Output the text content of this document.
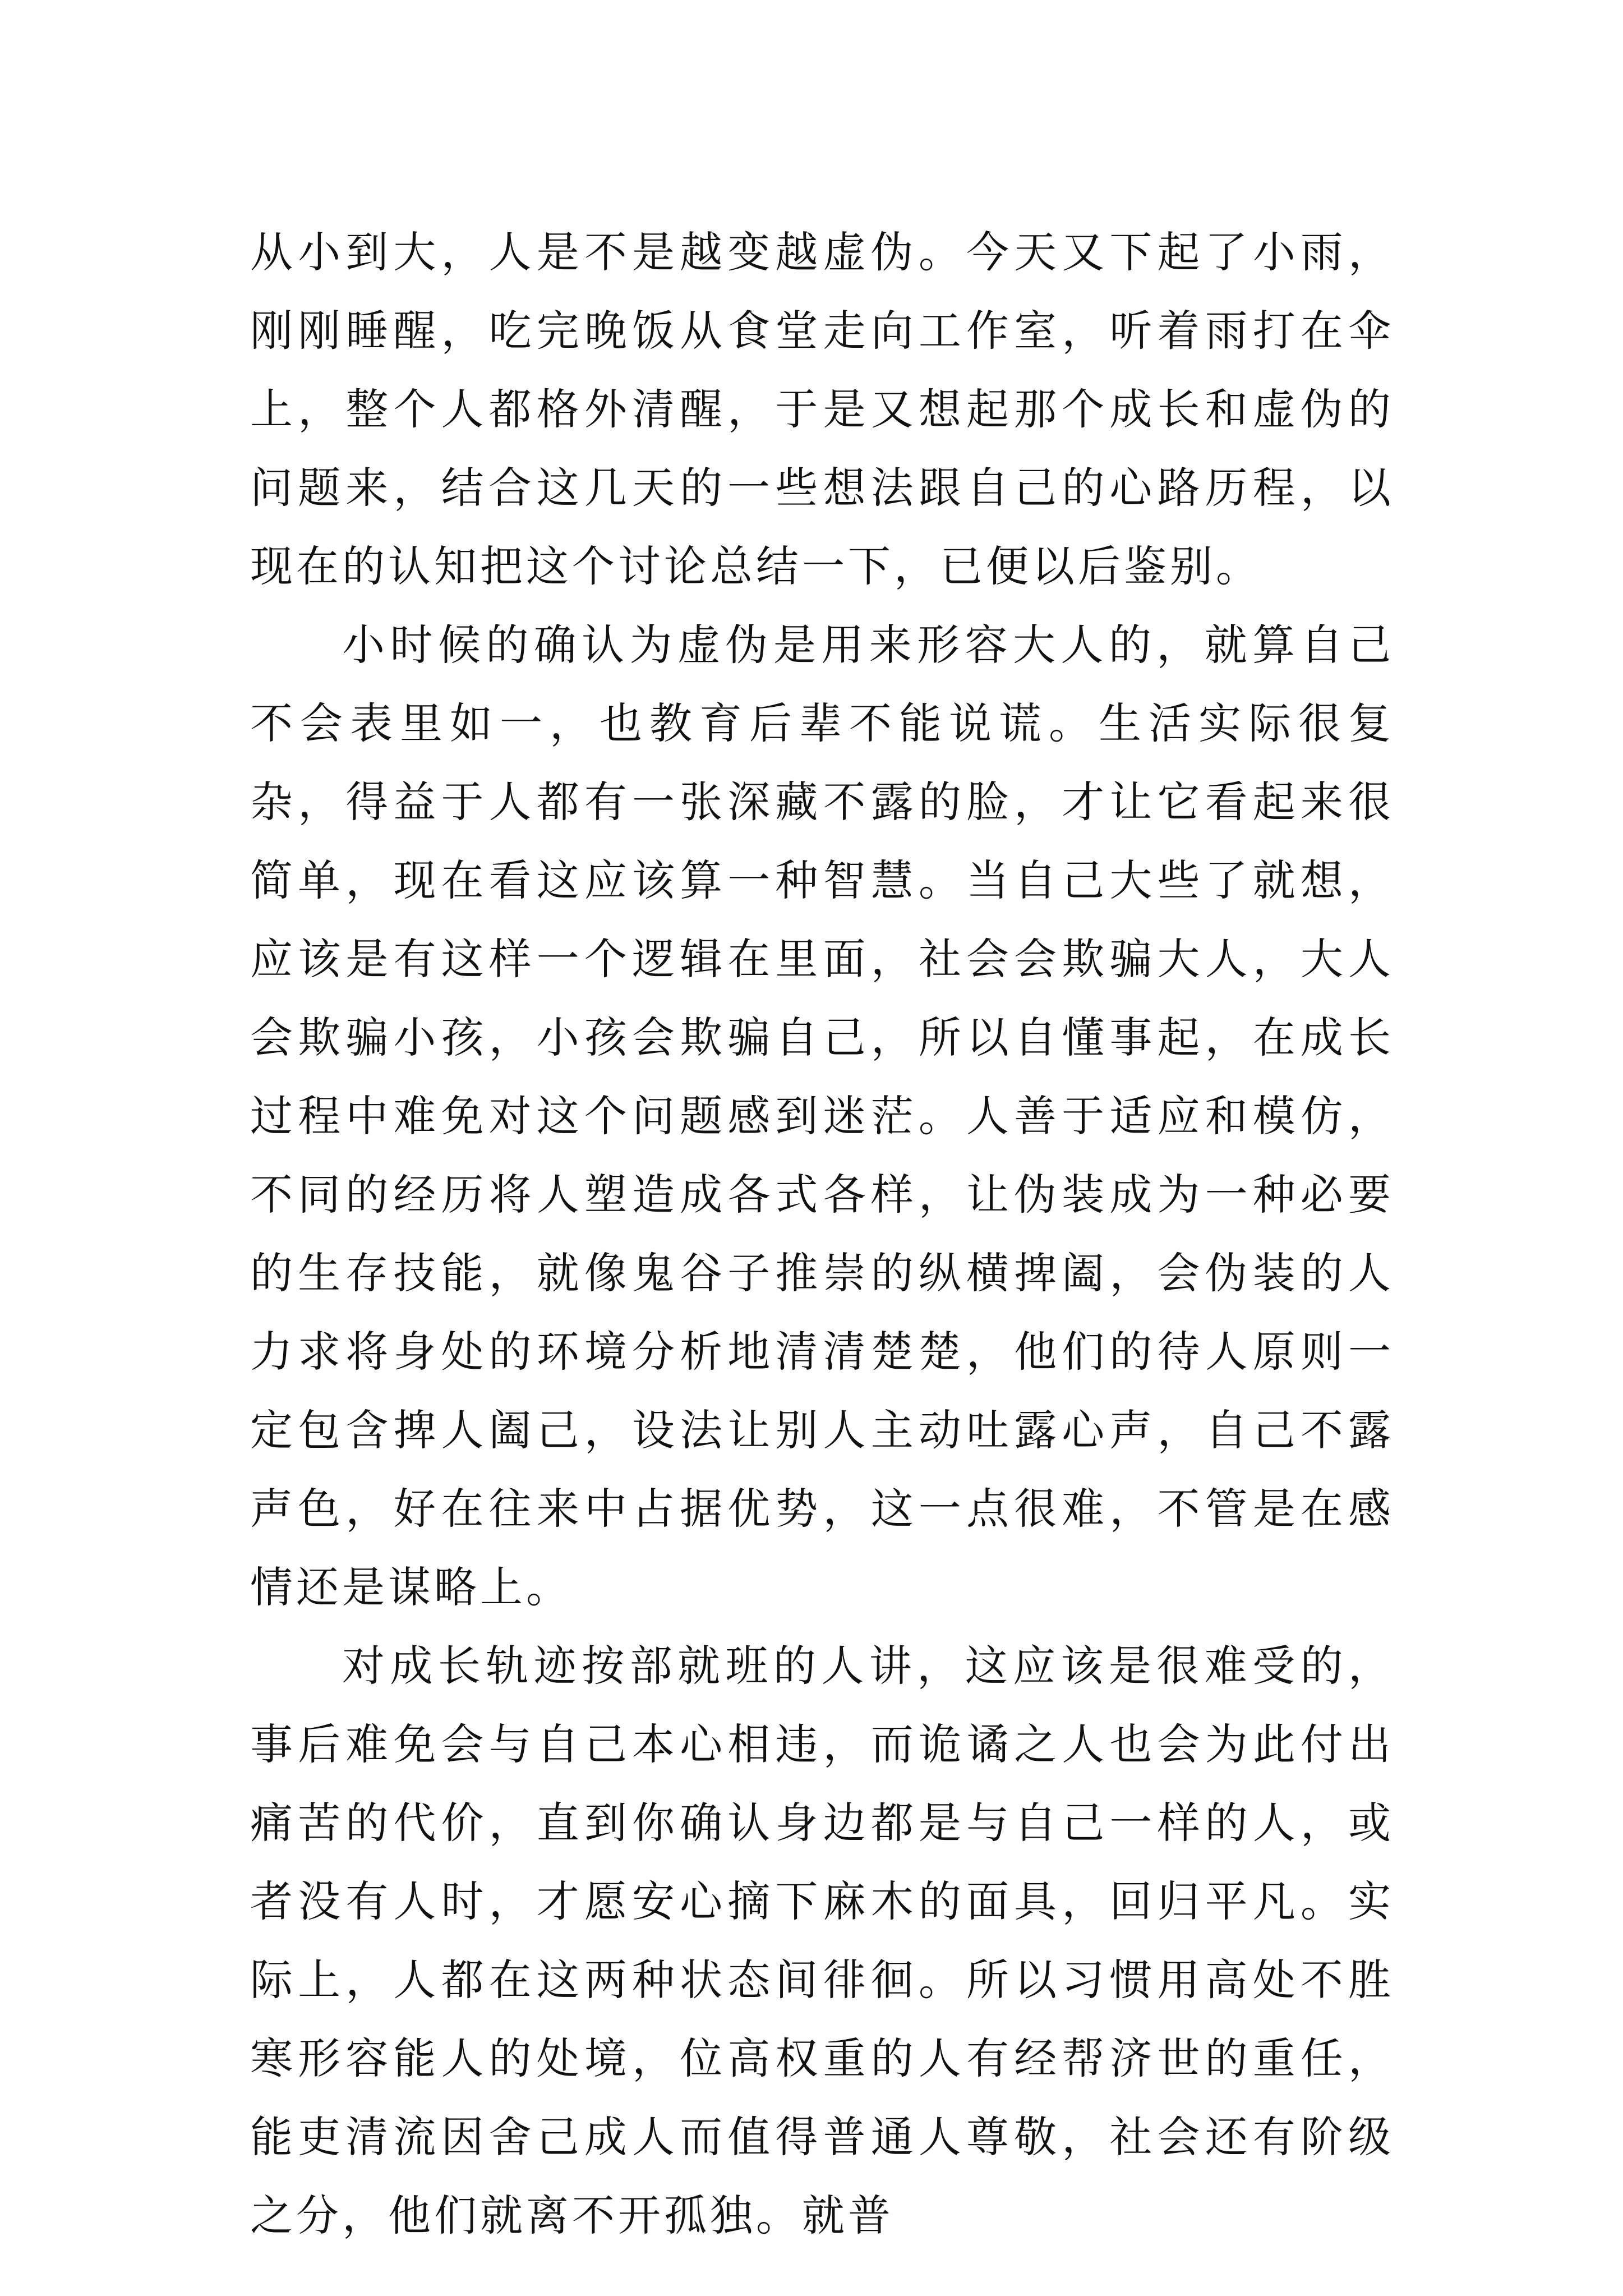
从小到大，人是不是越变越虚伪。今天又下起了小雨，刚刚睡醒，吃完晚饭从食堂走向工作室，听着雨打在伞上，整个人都格外清醒，于是又想起那个成长和虚伪的问题来，结合这几天的一些想法跟自己的心路历程，以现在的认知把这个讨论总结一下，已便以后鉴别。

小时候的确认为虚伪是用来形容大人的，就算自己不会表里如一，也教育后辈不能说谎。生活实际很复杂，得益于人都有一张深藏不露的脸，才让它看起来很简单，现在看这应该算一种智慧。当自己大些了就想，应该是有这样一个逻辑在里面，社会会欺骗大人，大人会欺骗小孩，小孩会欺骗自己，所以自懂事起，在成长过程中难免对这个问题感到迷茫。人善于适应和模仿，不同的经历将人塑造成各式各样，让伪装成为一种必要的生存技能，就像鬼谷子推崇的纵横捭阖，会伪装的人力求将身处的环境分析地清清楚楚，他们的待人原则一定包含捭人阖己，设法让别人主动吐露心声，自己不露声色，好在往来中占据优势，这一点很难，不管是在感情还是谋略上。

对成长轨迹按部就班的人讲，这应该是很难受的，事后难免会与自己本心相违，而诡谲之人也会为此付出痛苦的代价，直到你确认身边都是与自己一样的人，或者没有人时，才愿安心摘下麻木的面具，回归平凡。实际上，人都在这两种状态间徘徊。所以习惯用高处不胜寒形容能人的处境，位高权重的人有经帮济世的重任，能吏清流因舍己成人而值得普通人尊敬，社会还有阶级之分，他们就离不开孤独。就普
